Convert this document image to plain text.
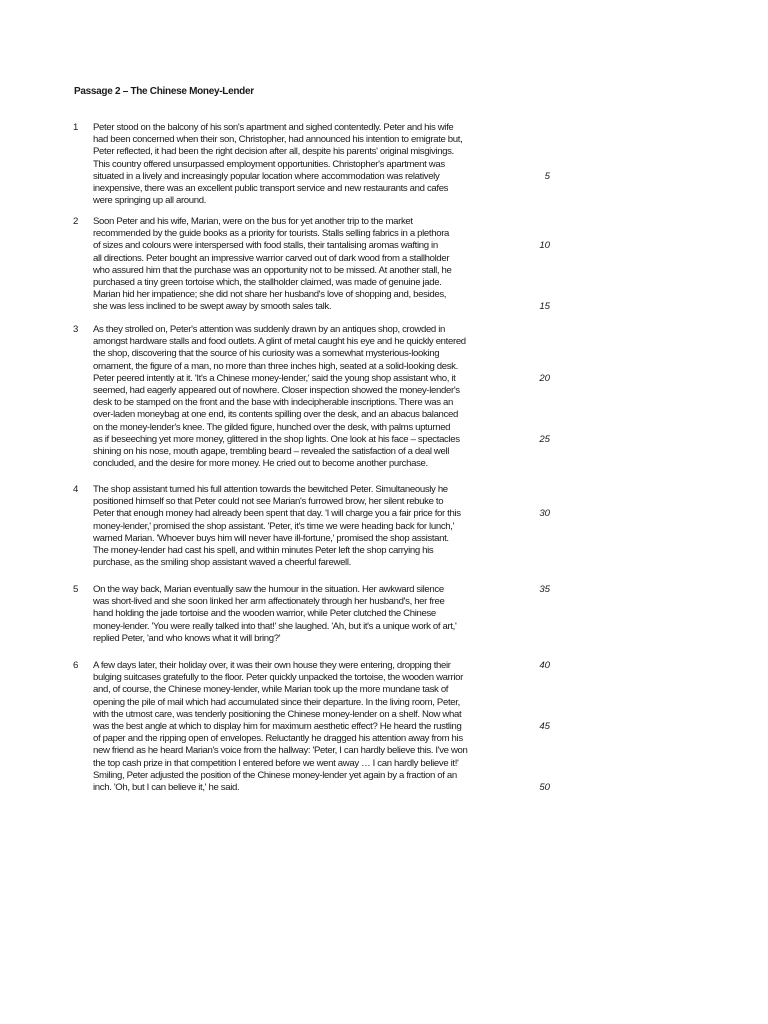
Passage 2 – The Chinese Money-Lender
1 Peter stood on the balcony of his son's apartment and sighed contentedly. Peter and his wife
had been concerned when their son, Christopher, had announced his intention to emigrate but,
Peter reflected, it had been the right decision after all, despite his parents' original misgivings.
This country offered unsurpassed employment opportunities. Christopher's apartment was
situated in a lively and increasingly popular location where accommodation was relatively	5
inexpensive, there was an excellent public transport service and new restaurants and cafes
were springing up all around.
2 Soon Peter and his wife, Marian, were on the bus for yet another trip to the market
recommended by the guide books as a priority for tourists. Stalls selling fabrics in a plethora
of sizes and colours were interspersed with food stalls, their tantalising aromas wafting in	10
all directions. Peter bought an impressive warrior carved out of dark wood from a stallholder
who assured him that the purchase was an opportunity not to be missed. At another stall, he
purchased a tiny green tortoise which, the stallholder claimed, was made of genuine jade.
Marian hid her impatience; she did not share her husband's love of shopping and, besides,
she was less inclined to be swept away by smooth sales talk.	15
3 As they strolled on, Peter's attention was suddenly drawn by an antiques shop, crowded in
amongst hardware stalls and food outlets. A glint of metal caught his eye and he quickly entered
the shop, discovering that the source of his curiosity was a somewhat mysterious-looking
ornament, the figure of a man, no more than three inches high, seated at a solid-looking desk.
Peter peered intently at it. 'It's a Chinese money-lender,' said the young shop assistant who, it	20
seemed, had eagerly appeared out of nowhere. Closer inspection showed the money-lender's
desk to be stamped on the front and the base with indecipherable inscriptions. There was an
over-laden moneybag at one end, its contents spilling over the desk, and an abacus balanced
on the money-lender's knee. The gilded figure, hunched over the desk, with palms upturned
as if beseeching yet more money, glittered in the shop lights. One look at his face – spectacles	25
shining on his nose, mouth agape, trembling beard – revealed the satisfaction of a deal well
concluded, and the desire for more money. He cried out to become another purchase.
4 The shop assistant turned his full attention towards the bewitched Peter. Simultaneously he
positioned himself so that Peter could not see Marian's furrowed brow, her silent rebuke to
Peter that enough money had already been spent that day. 'I will charge you a fair price for this	30
money-lender,' promised the shop assistant. 'Peter, it's time we were heading back for lunch,'
warned Marian. 'Whoever buys him will never have ill-fortune,' promised the shop assistant.
The money-lender had cast his spell, and within minutes Peter left the shop carrying his
purchase, as the smiling shop assistant waved a cheerful farewell.
5 On the way back, Marian eventually saw the humour in the situation. Her awkward silence	35
was short-lived and she soon linked her arm affectionately through her husband's, her free
hand holding the jade tortoise and the wooden warrior, while Peter clutched the Chinese
money-lender. 'You were really talked into that!' she laughed. 'Ah, but it's a unique work of art,'
replied Peter, 'and who knows what it will bring?'
6 A few days later, their holiday over, it was their own house they were entering, dropping their	40
bulging suitcases gratefully to the floor. Peter quickly unpacked the tortoise, the wooden warrior
and, of course, the Chinese money-lender, while Marian took up the more mundane task of
opening the pile of mail which had accumulated since their departure. In the living room, Peter,
with the utmost care, was tenderly positioning the Chinese money-lender on a shelf. Now what
was the best angle at which to display him for maximum aesthetic effect? He heard the rustling	45
of paper and the ripping open of envelopes. Reluctantly he dragged his attention away from his
new friend as he heard Marian's voice from the hallway: 'Peter, I can hardly believe this. I've won
the top cash prize in that competition I entered before we went away … I can hardly believe it!'
Smiling, Peter adjusted the position of the Chinese money-lender yet again by a fraction of an
inch. 'Oh, but I can believe it,' he said.	50
